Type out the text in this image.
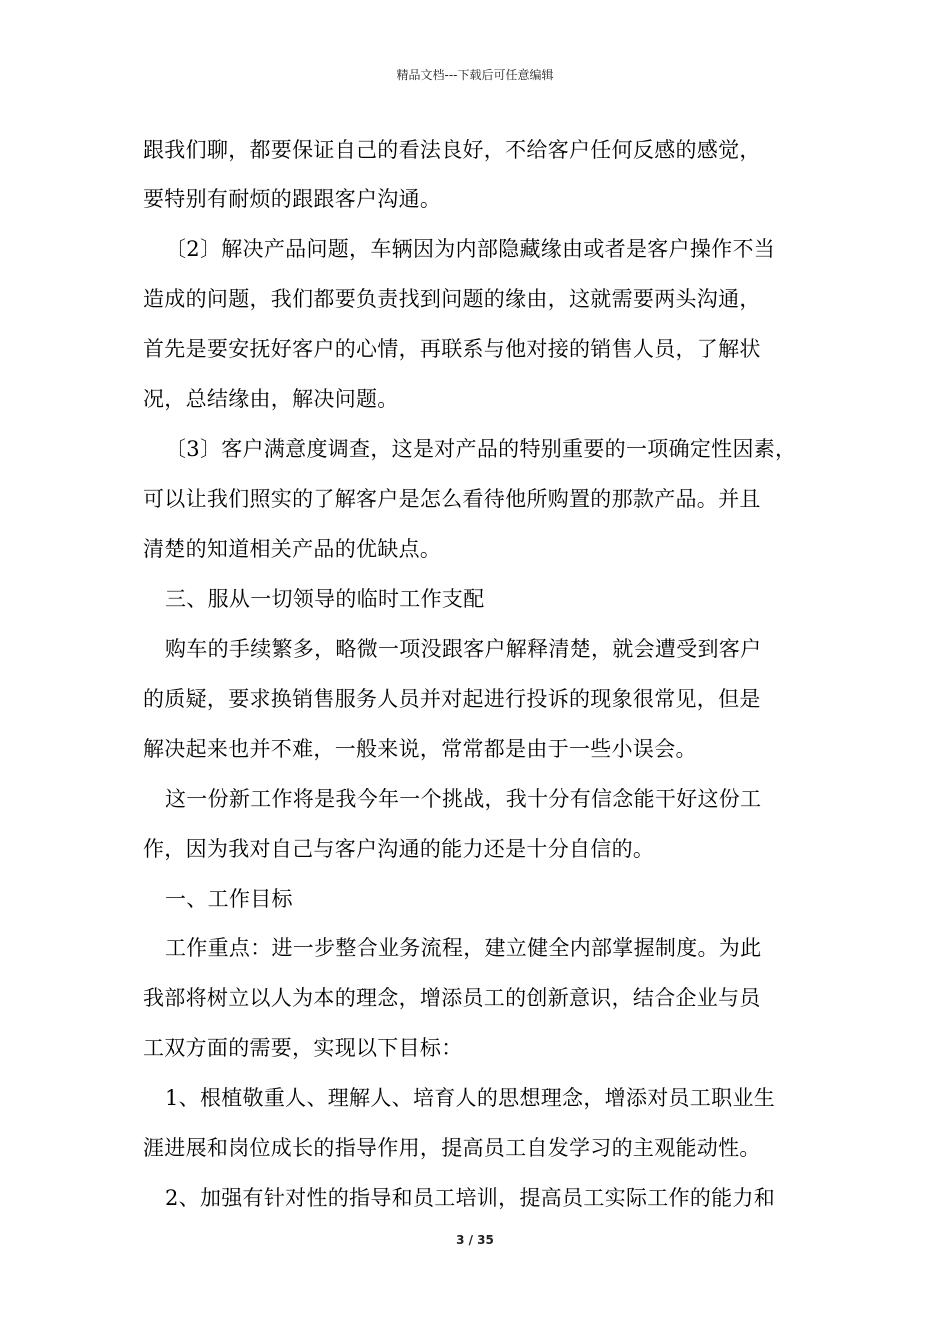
精品文档---下载后可任意编辑
跟我们聊，都要保证自己的看法良好，不给客户任何反感的感觉，
要特别有耐烦的跟跟客户沟通。
〔2〕解决产品问题，车辆因为内部隐藏缘由或者是客户操作不当
造成的问题，我们都要负责找到问题的缘由，这就需要两头沟通，
首先是要安抚好客户的心情，再联系与他对接的销售人员，了解状
况，总结缘由，解决问题。
〔3〕客户满意度调查，这是对产品的特别重要的一项确定性因素，
可以让我们照实的了解客户是怎么看待他所购置的那款产品。并且
清楚的知道相关产品的优缺点。
三、服从一切领导的临时工作支配
购车的手续繁多，略微一项没跟客户解释清楚，就会遭受到客户
的质疑，要求换销售服务人员并对起进行投诉的现象很常见，但是
解决起来也并不难，一般来说，常常都是由于一些小误会。
这一份新工作将是我今年一个挑战，我十分有信念能干好这份工
作，因为我对自己与客户沟通的能力还是十分自信的。
一、工作目标
工作重点：进一步整合业务流程，建立健全内部掌握制度。为此
我部将树立以人为本的理念，增添员工的创新意识，结合企业与员
工双方面的需要，实现以下目标：
1、根植敬重人、理解人、培育人的思想理念，增添对员工职业生
涯进展和岗位成长的指导作用，提高员工自发学习的主观能动性。
2、加强有针对性的指导和员工培训，提高员工实际工作的能力和
3 / 35
